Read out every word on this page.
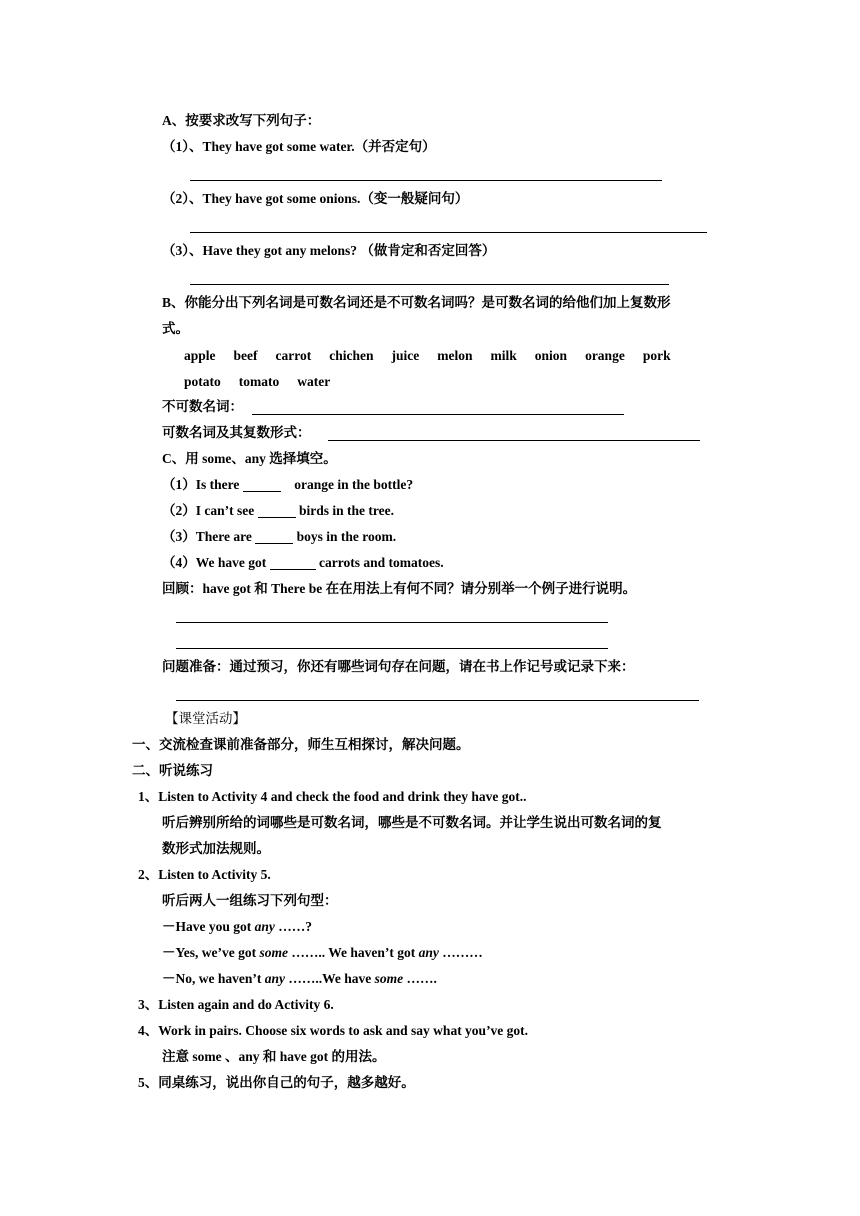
A、按要求改写下列句子：
（1）、They have got some water.（并否定句）
（2）、They have got some onions.（变一般疑问句）
（3）、Have they got any melons? （做肯定和否定回答）
B、你能分出下列名词是可数名词还是不可数名词吗？是可数名词的给他们加上复数形
式。
apple beef carrot chichen juice melon milk onion orange pork
potato tomato water
不可数名词：
可数名词及其复数形式：
C、用 some、any 选择填空。
（1）Is there	orange in the bottle?
（2）I can’t see	birds in the tree.
（3）There are	boys in the room.
（4）We have got	carrots and tomatoes.
回顾：have got 和 There be 在在用法上有何不同？请分别举一个例子进行说明。
问题准备：通过预习，你还有哪些词句存在问题，请在书上作记号或记录下来：
【课堂活动】
一、交流检查课前准备部分，师生互相探讨，解决问题。
二、听说练习
1、Listen to Activity 4 and check the food and drink they have got..
听后辨别所给的词哪些是可数名词，哪些是不可数名词。并让学生说出可数名词的复
数形式加法规则。
2、Listen to Activity 5.
听后两人一组练习下列句型：
－Have you got any ……?
－Yes, we’ve got some …….. We haven’t got any ………
－No, we haven’t any ……..We have some …….
3、Listen again and do Activity 6.
4、Work in pairs. Choose six words to ask and say what you’ve got.
注意 some 、any 和 have got 的用法。
5、同桌练习，说出你自己的句子，越多越好。
